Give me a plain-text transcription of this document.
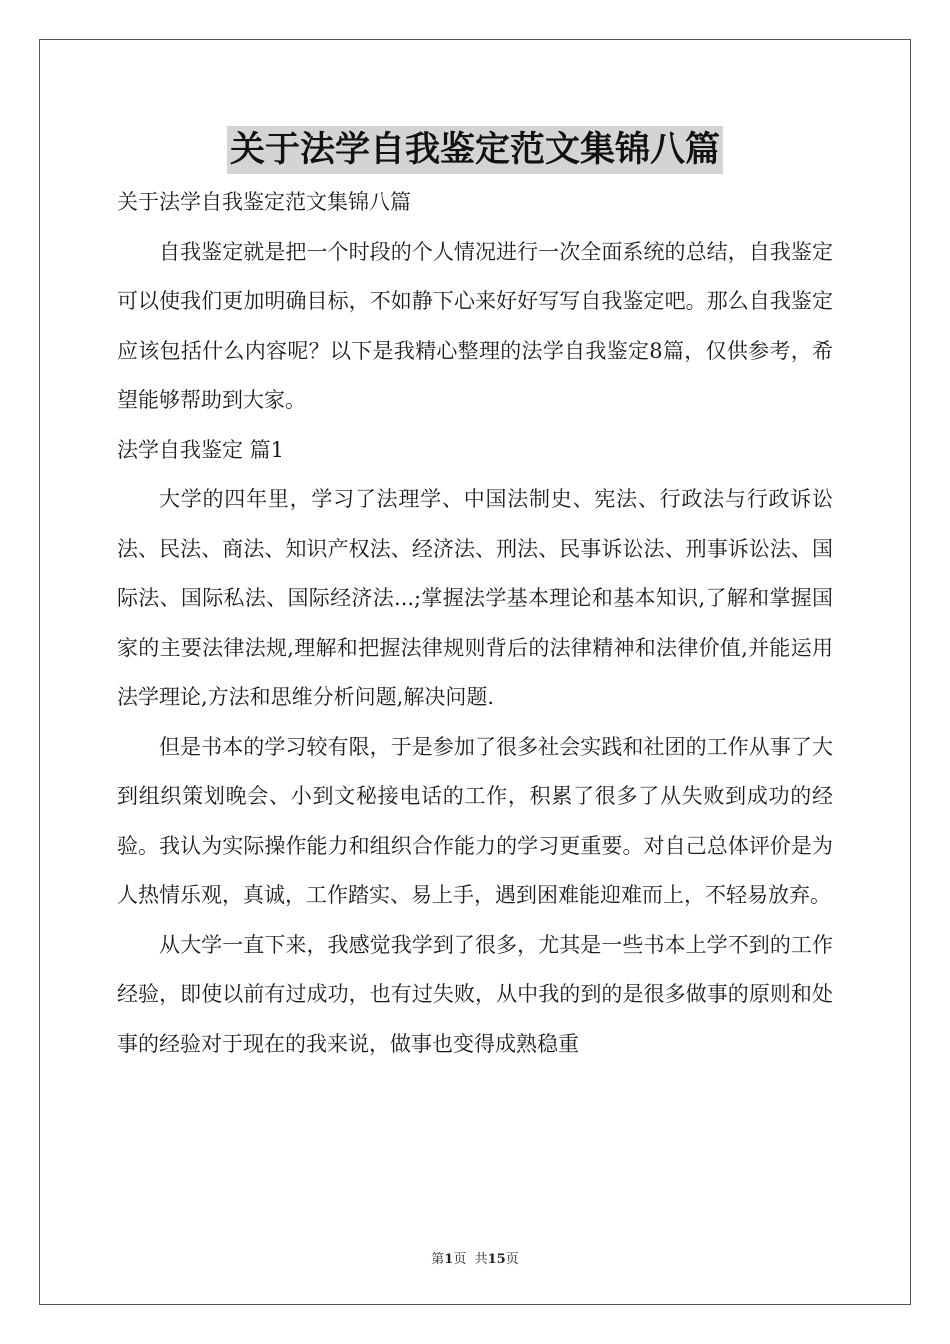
关于法学自我鉴定范文集锦八篇

关于法学自我鉴定范文集锦八篇

自我鉴定就是把一个时段的个人情况进行一次全面系统的总结，自我鉴定可以使我们更加明确目标，不如静下心来好好写写自我鉴定吧。那么自我鉴定应该包括什么内容呢？以下是我精心整理的法学自我鉴定8篇，仅供参考，希望能够帮助到大家。

法学自我鉴定 篇1

大学的四年里，学习了法理学、中国法制史、宪法、行政法与行政诉讼法、民法、商法、知识产权法、经济法、刑法、民事诉讼法、刑事诉讼法、国际法、国际私法、国际经济法...;掌握法学基本理论和基本知识,了解和掌握国家的主要法律法规,理解和把握法律规则背后的法律精神和法律价值,并能运用法学理论,方法和思维分析问题,解决问题.

但是书本的学习较有限，于是参加了很多社会实践和社团的工作从事了大到组织策划晚会、小到文秘接电话的工作，积累了很多了从失败到成功的经验。我认为实际操作能力和组织合作能力的学习更重要。对自己总体评价是为人热情乐观，真诚，工作踏实、易上手，遇到困难能迎难而上，不轻易放弃。

从大学一直下来，我感觉我学到了很多，尤其是一些书本上学不到的工作经验，即使以前有过成功，也有过失败，从中我的到的是很多做事的原则和处事的经验对于现在的我来说，做事也变得成熟稳重

第1页  共15页
